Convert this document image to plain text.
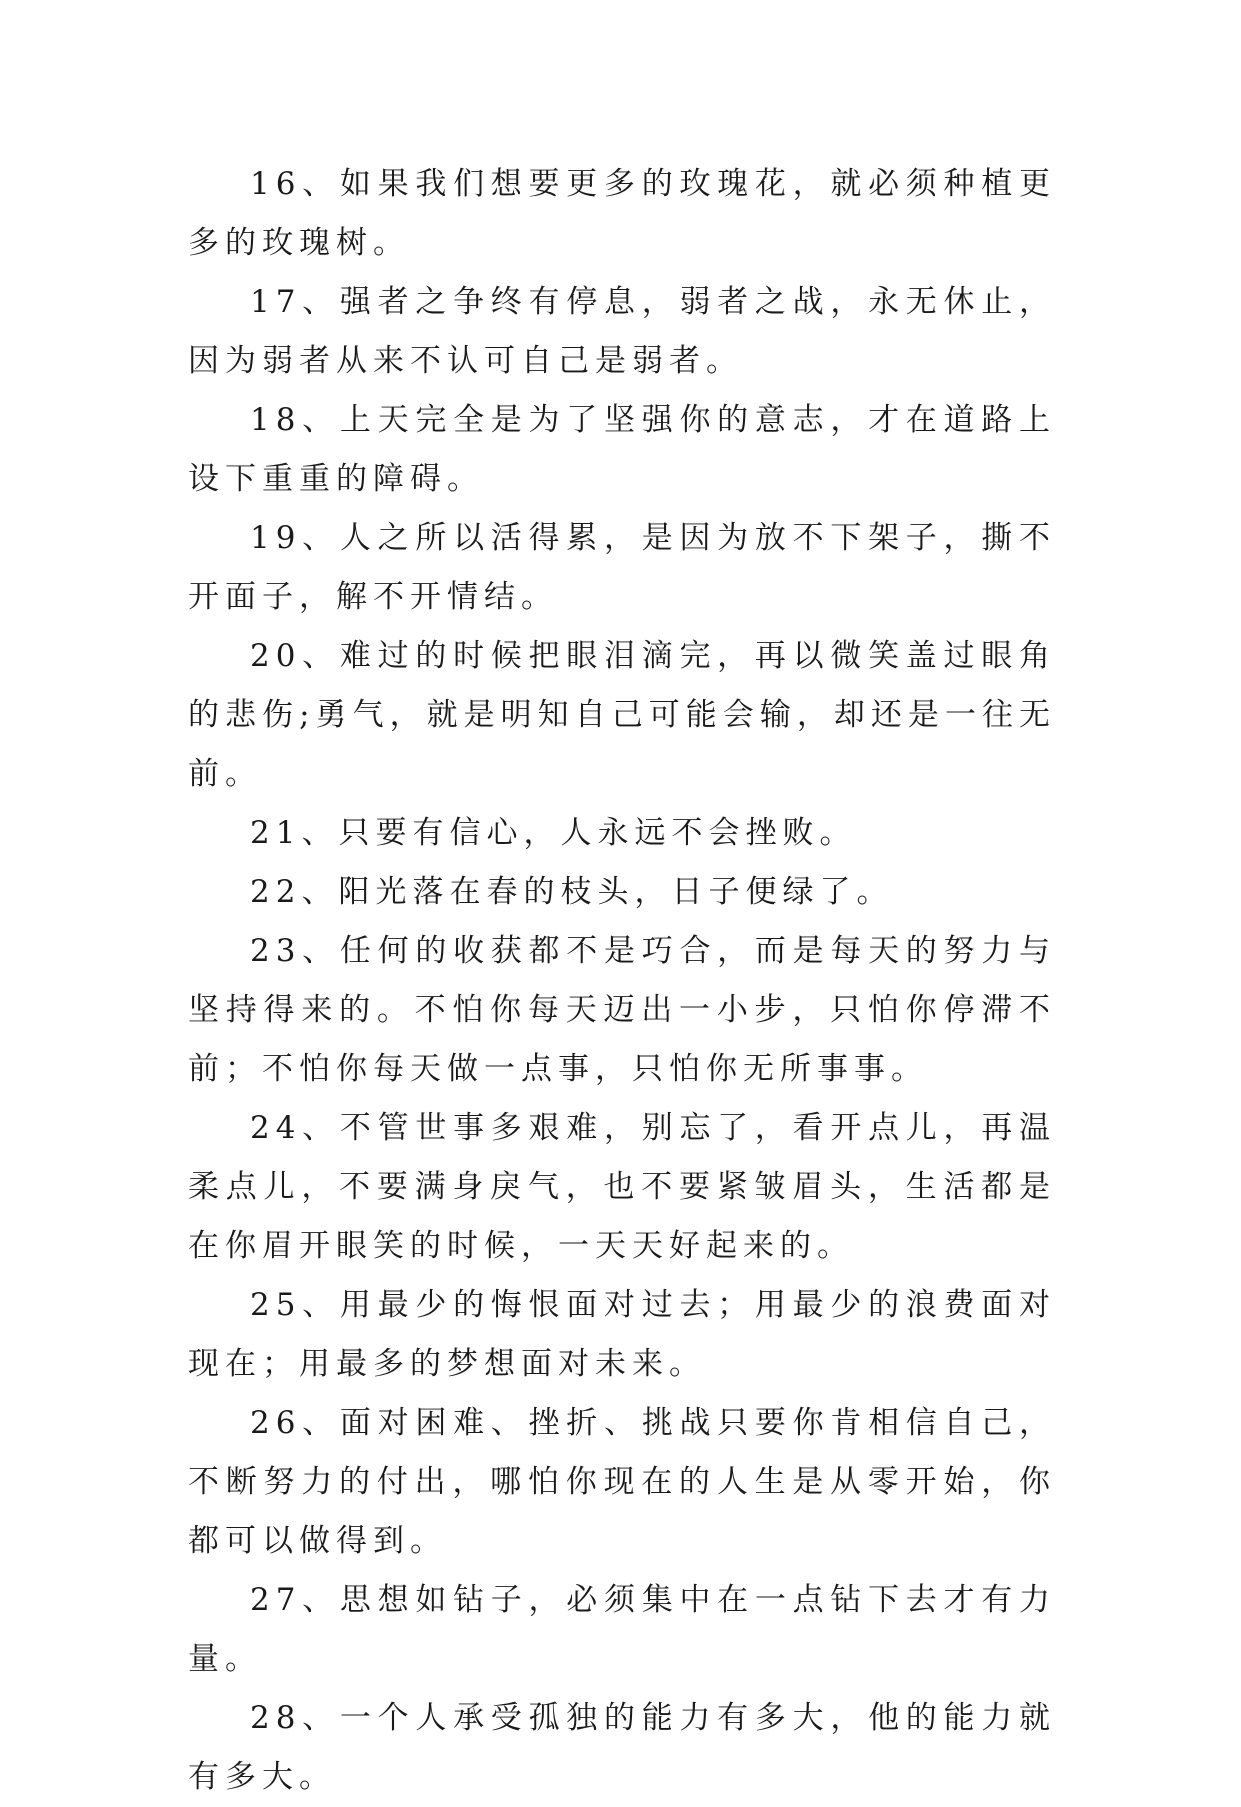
16、如果我们想要更多的玫瑰花，就必须种植更多的玫瑰树。

17、强者之争终有停息，弱者之战，永无休止，因为弱者从来不认可自己是弱者。

18、上天完全是为了坚强你的意志，才在道路上设下重重的障碍。

19、人之所以活得累，是因为放不下架子，撕不开面子，解不开情结。

20、难过的时候把眼泪滴完，再以微笑盖过眼角的悲伤;勇气，就是明知自己可能会输，却还是一往无前。

21、只要有信心，人永远不会挫败。

22、阳光落在春的枝头，日子便绿了。

23、任何的收获都不是巧合，而是每天的努力与坚持得来的。不怕你每天迈出一小步，只怕你停滞不前；不怕你每天做一点事，只怕你无所事事。

24、不管世事多艰难，别忘了，看开点儿，再温柔点儿，不要满身戾气，也不要紧皱眉头，生活都是在你眉开眼笑的时候，一天天好起来的。

25、用最少的悔恨面对过去；用最少的浪费面对现在；用最多的梦想面对未来。

26、面对困难、挫折、挑战只要你肯相信自己，不断努力的付出，哪怕你现在的人生是从零开始，你都可以做得到。

27、思想如钻子，必须集中在一点钻下去才有力量。

28、一个人承受孤独的能力有多大，他的能力就有多大。
